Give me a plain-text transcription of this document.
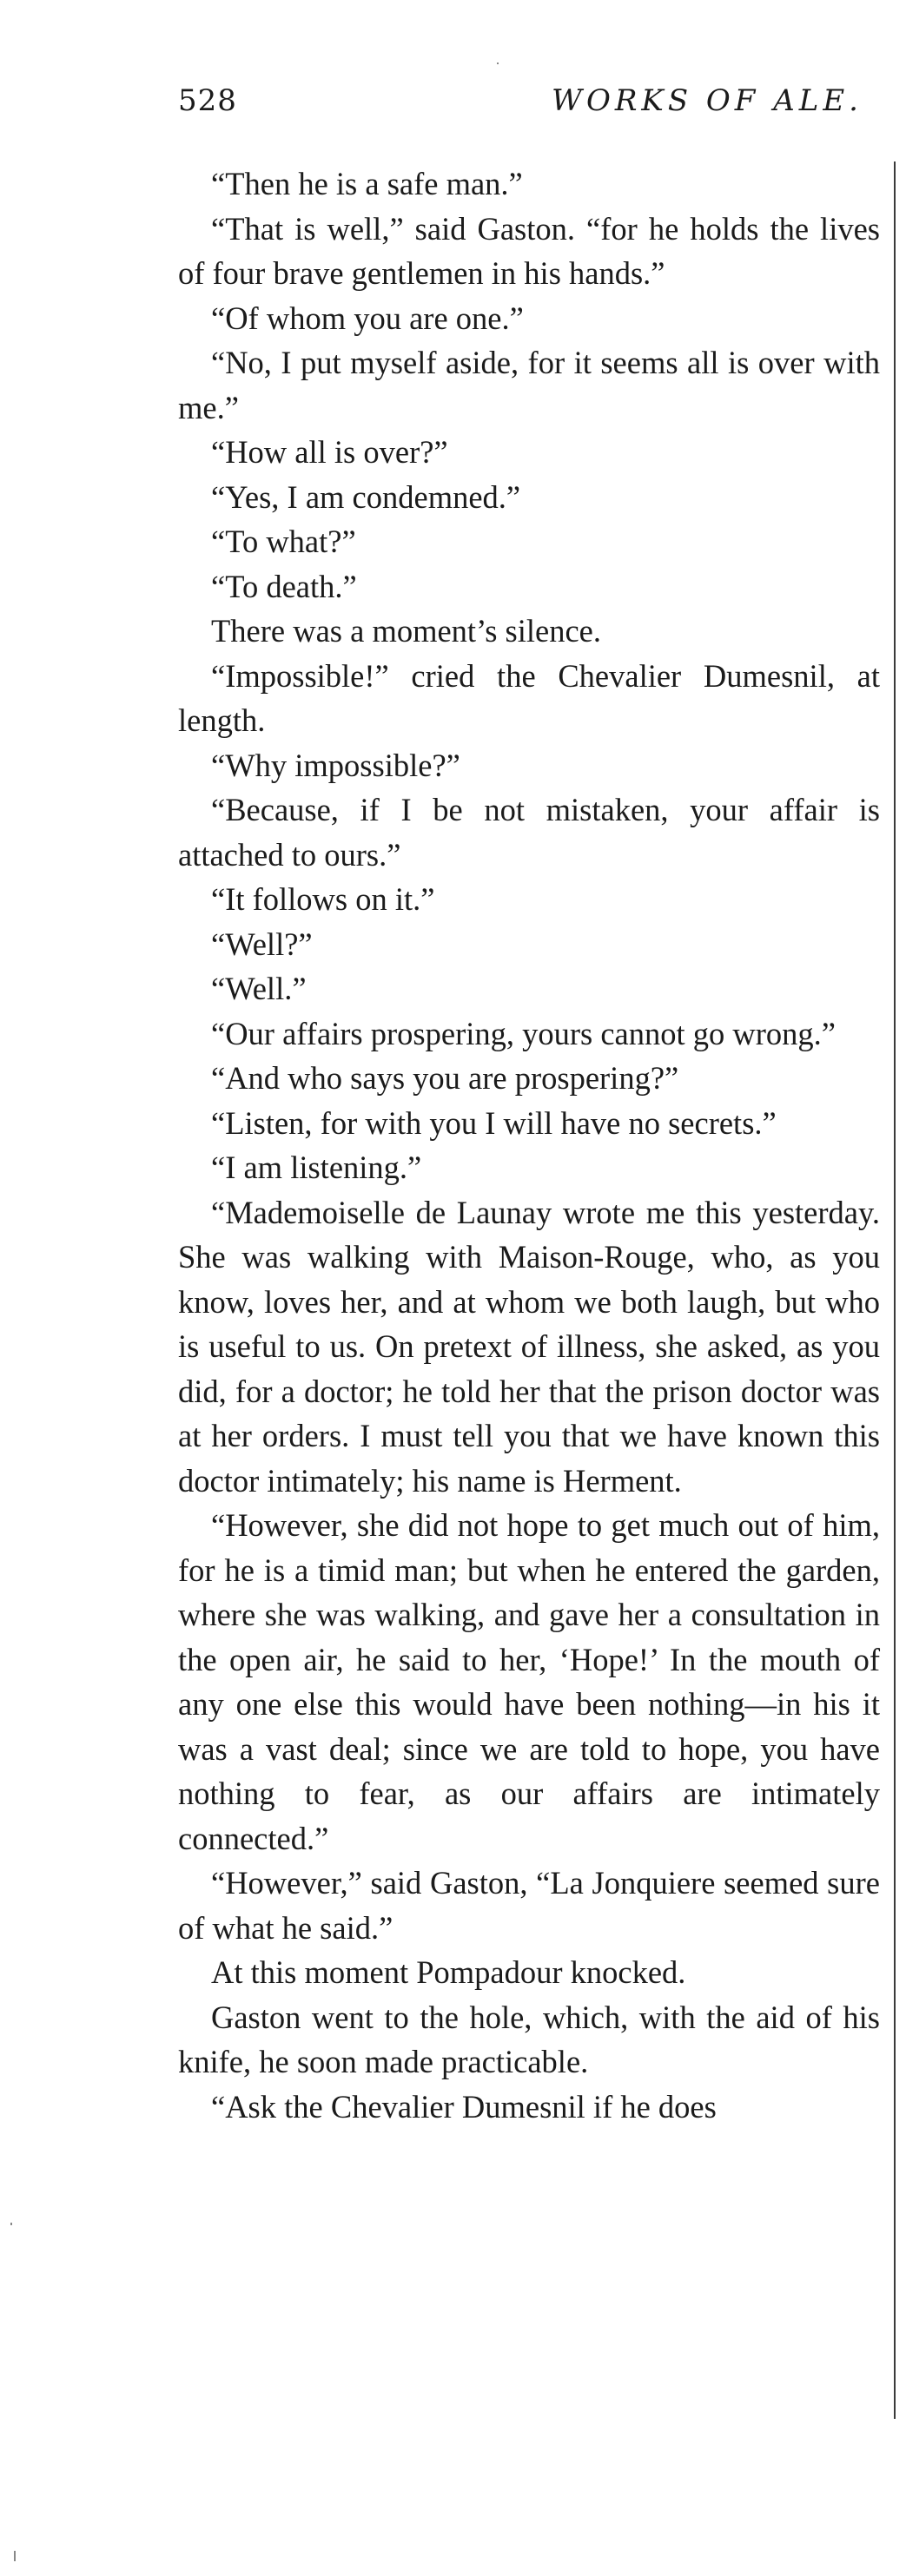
528	WORKS OF ALE.

“Then he is a safe man.”

“That is well,” said Gaston. “for he holds the lives of four brave gentlemen in his hands.”

“Of whom you are one.”

“No, I put myself aside, for it seems all is over with me.”

“How all is over?”

“Yes, I am condemned.”

“To what?”

“To death.”

There was a moment’s silence.

“Impossible!” cried the Chevalier Dumesnil, at length.

“Why impossible?”

“Because, if I be not mistaken, your affair is attached to ours.”

“It follows on it.”

“Well?”

“Well.”

“Our affairs prospering, yours cannot go wrong.”

“And who says you are prospering?”

“Listen, for with you I will have no secrets.”

“I am listening.”

“Mademoiselle de Launay wrote me this yesterday. She was walking with Maison-Rouge, who, as you know, loves her, and at whom we both laugh, but who is useful to us. On pretext of illness, she asked, as you did, for a doctor; he told her that the prison doctor was at her orders. I must tell you that we have known this doctor intimately; his name is Herment.

“However, she did not hope to get much out of him, for he is a timid man; but when he entered the garden, where she was walking, and gave her a consultation in the open air, he said to her, ‘Hope!’ In the mouth of any one else this would have been nothing—in his it was a vast deal; since we are told to hope, you have nothing to fear, as our affairs are intimately connected.”

“However,” said Gaston, “La Jonquiere seemed sure of what he said.”

At this moment Pompadour knocked.

Gaston went to the hole, which, with the aid of his knife, he soon made practicable.

“Ask the Chevalier Dumesnil if he does
